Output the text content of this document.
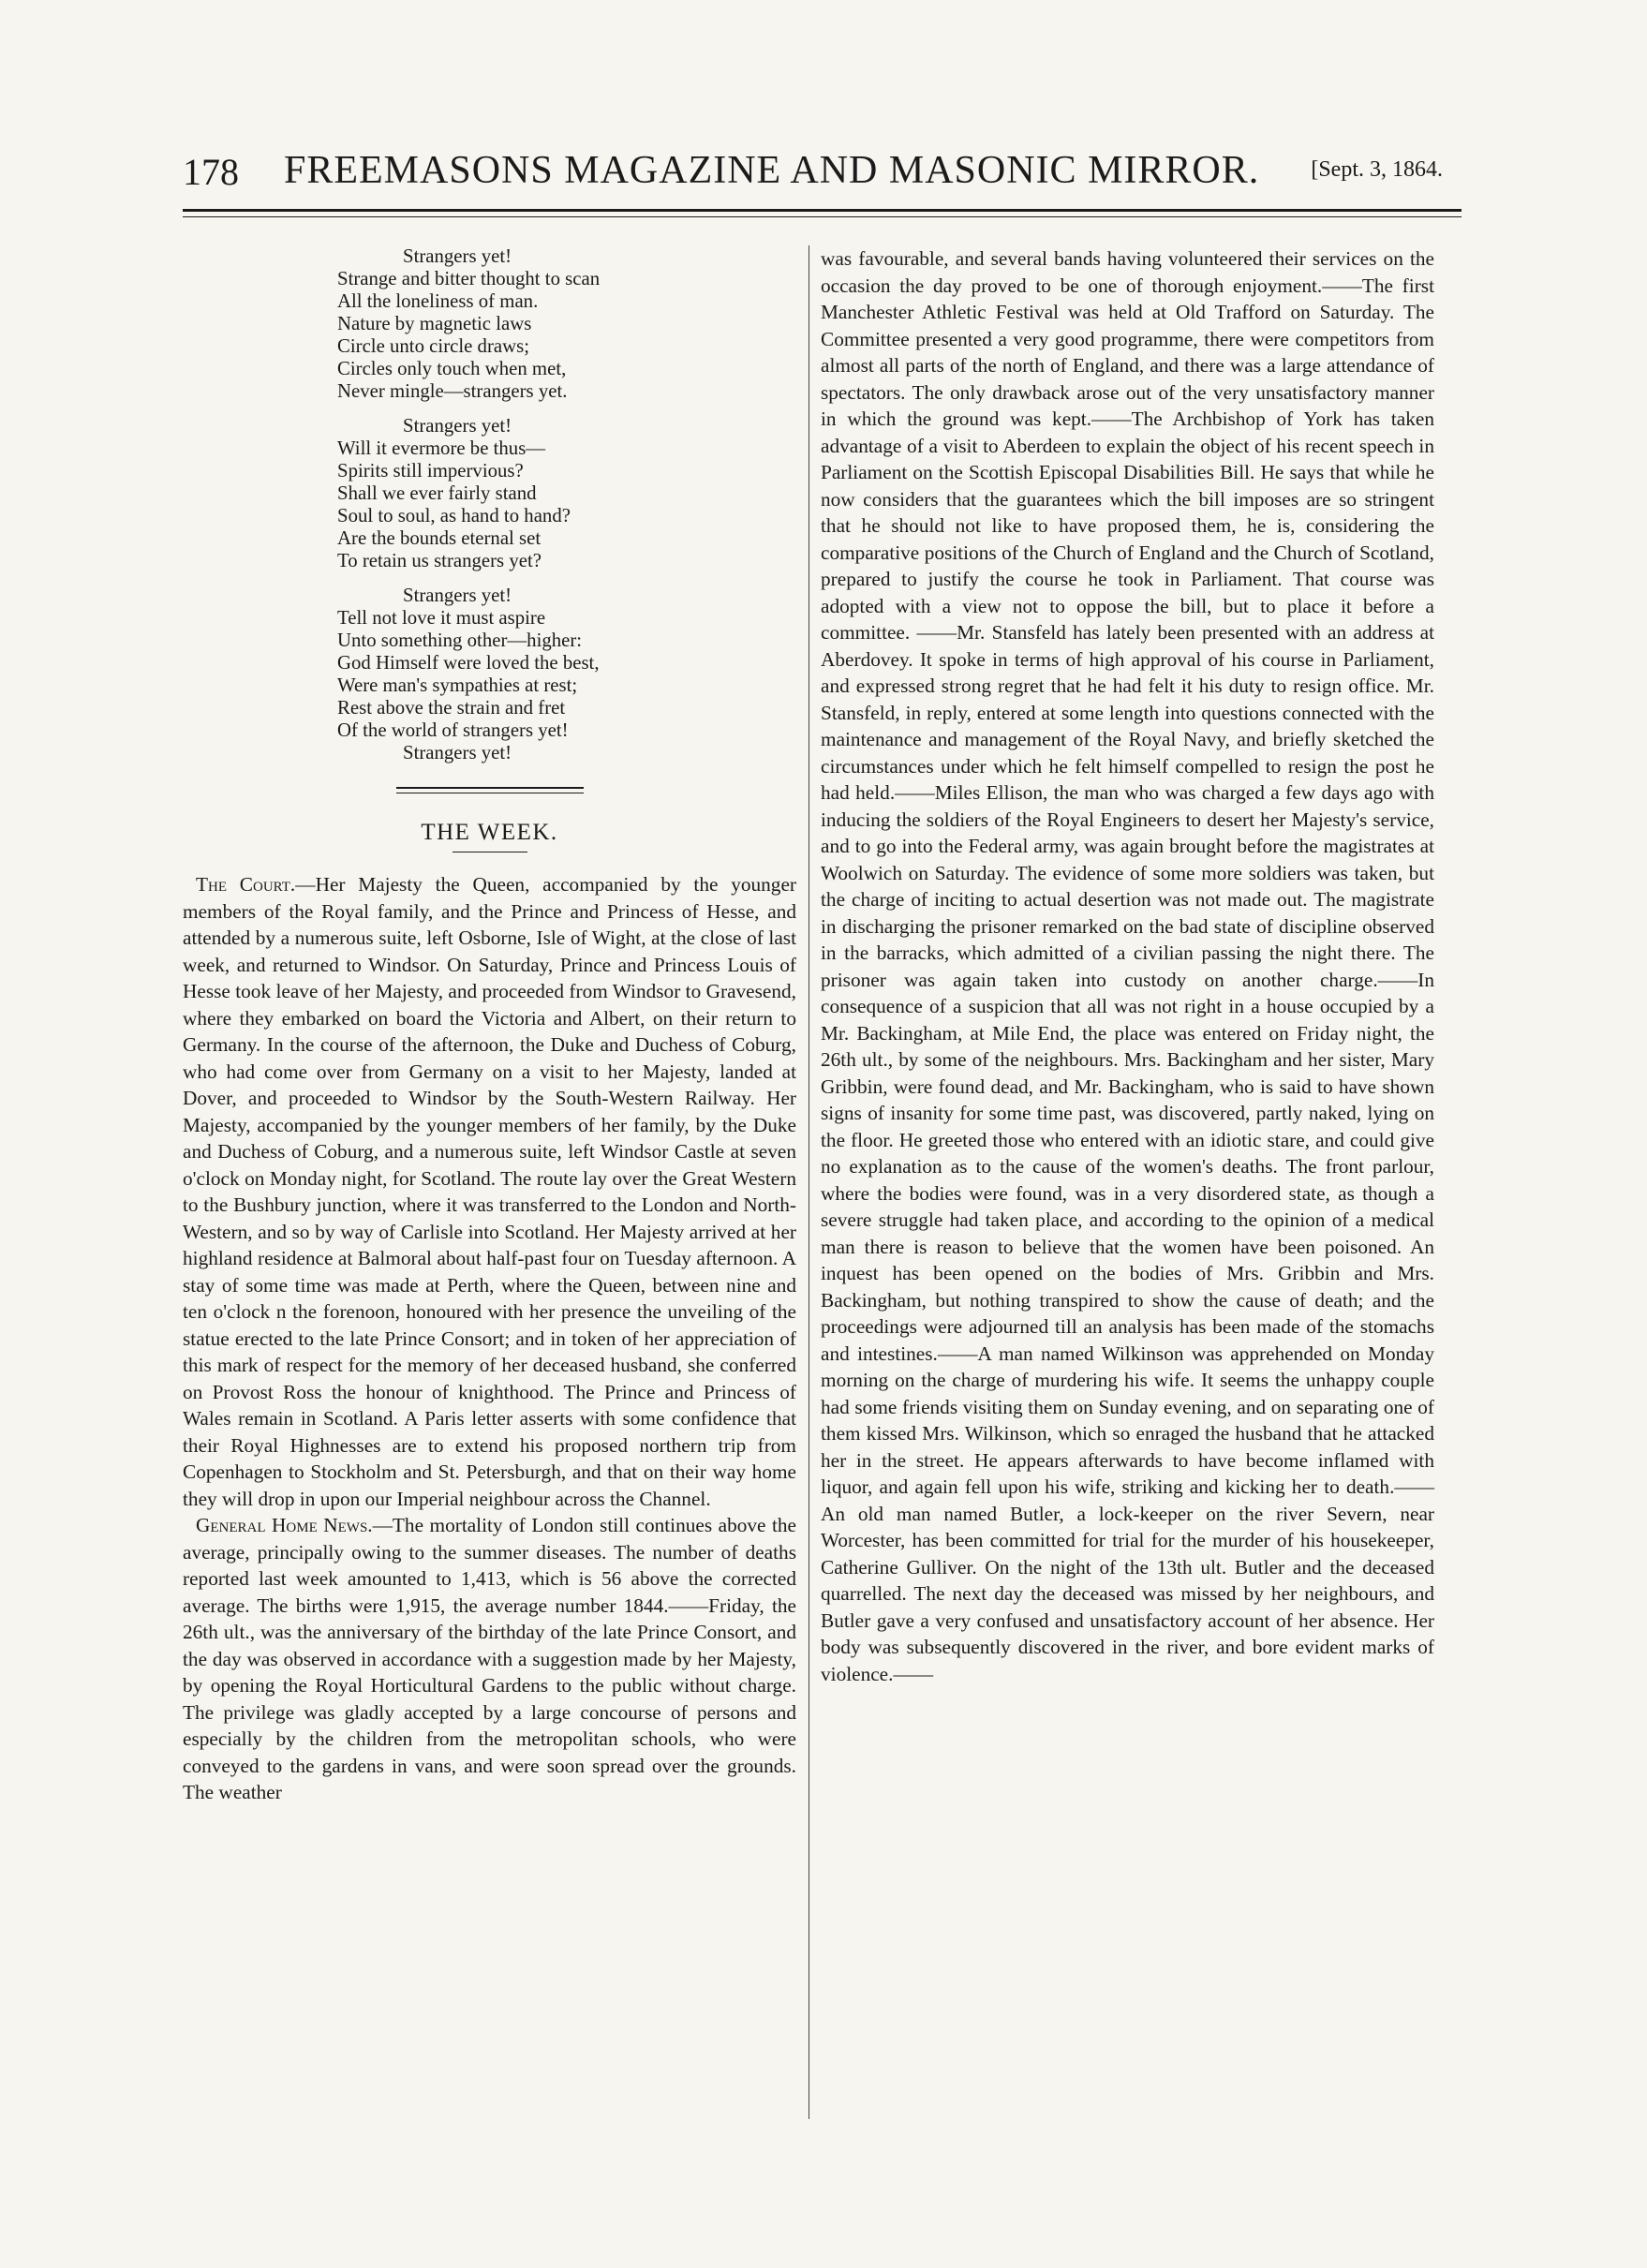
178 FREEMASONS MAGAZINE AND MASONIC MIRROR. [Sept. 3, 1864.
Strangers yet!
Strange and bitter thought to scan
All the loneliness of man.
Nature by magnetic laws
Circle unto circle draws;
Circles only touch when met,
Never mingle—strangers yet.
Strangers yet!
Will it evermore be thus—
Spirits still impervious?
Shall we ever fairly stand
Soul to soul, as hand to hand?
Are the bounds eternal set
To retain us strangers yet?
Strangers yet!
Tell not love it must aspire
Unto something other—higher:
God Himself were loved the best,
Were man's sympathies at rest;
Rest above the strain and fret
Of the world of strangers yet!
Strangers yet!
THE WEEK.

The Court.—Her Majesty the Queen, accompanied by the younger members of the Royal family, and the Prince and Princess of Hesse, and attended by a numerous suite, left Osborne, Isle of Wight, at the close of last week, and returned to Windsor. On Saturday, Prince and Princess Louis of Hesse took leave of her Majesty, and proceeded from Windsor to Gravesend, where they embarked on board the Victoria and Albert, on their return to Germany. In the course of the afternoon, the Duke and Duchess of Coburg, who had come over from Germany on a visit to her Majesty, landed at Dover, and proceeded to Windsor by the South-Western Railway. Her Majesty, accompanied by the younger members of her family, by the Duke and Duchess of Coburg, and a numerous suite, left Windsor Castle at seven o'clock on Monday night, for Scotland. The route lay over the Great Western to the Bushbury junction, where it was transferred to the London and North-Western, and so by way of Carlisle into Scotland. Her Majesty arrived at her highland residence at Balmoral about half-past four on Tuesday afternoon. A stay of some time was made at Perth, where the Queen, between nine and ten o'clock n the forenoon, honoured with her presence the unveiling of the statue erected to the late Prince Consort; and in token of her appreciation of this mark of respect for the memory of her deceased husband, she conferred on Provost Ross the honour of knighthood. The Prince and Princess of Wales remain in Scotland. A Paris letter asserts with some confidence that their Royal Highnesses are to extend his proposed northern trip from Copenhagen to Stockholm and St. Petersburgh, and that on their way home they will drop in upon our Imperial neighbour across the Channel.

General Home News.—The mortality of London still continues above the average, principally owing to the summer diseases. The number of deaths reported last week amounted to 1,413, which is 56 above the corrected average. The births were 1,915, the average number 1844.——Friday, the 26th ult., was the anniversary of the birthday of the late Prince Consort, and the day was observed in accordance with a suggestion made by her Majesty, by opening the Royal Horticultural Gardens to the public without charge. The privilege was gladly accepted by a large concourse of persons and especially by the children from the metropolitan schools, who were conveyed to the gardens in vans, and were soon spread over the grounds. The weather

was favourable, and several bands having volunteered their services on the occasion the day proved to be one of thorough enjoyment.——The first Manchester Athletic Festival was held at Old Trafford on Saturday. The Committee presented a very good programme, there were competitors from almost all parts of the north of England, and there was a large attendance of spectators. The only drawback arose out of the very unsatisfactory manner in which the ground was kept.——The Archbishop of York has taken advantage of a visit to Aberdeen to explain the object of his recent speech in Parliament on the Scottish Episcopal Disabilities Bill. He says that while he now considers that the guarantees which the bill imposes are so stringent that he should not like to have proposed them, he is, considering the comparative positions of the Church of England and the Church of Scotland, prepared to justify the course he took in Parliament. That course was adopted with a view not to oppose the bill, but to place it before a committee. ——Mr. Stansfeld has lately been presented with an address at Aberdovey. It spoke in terms of high approval of his course in Parliament, and expressed strong regret that he had felt it his duty to resign office. Mr. Stansfeld, in reply, entered at some length into questions connected with the maintenance and management of the Royal Navy, and briefly sketched the circumstances under which he felt himself compelled to resign the post he had held.——Miles Ellison, the man who was charged a few days ago with inducing the soldiers of the Royal Engineers to desert her Majesty's service, and to go into the Federal army, was again brought before the magistrates at Woolwich on Saturday. The evidence of some more soldiers was taken, but the charge of inciting to actual desertion was not made out. The magistrate in discharging the prisoner remarked on the bad state of discipline observed in the barracks, which admitted of a civilian passing the night there. The prisoner was again taken into custody on another charge.——In consequence of a suspicion that all was not right in a house occupied by a Mr. Backingham, at Mile End, the place was entered on Friday night, the 26th ult., by some of the neighbours. Mrs. Backingham and her sister, Mary Gribbin, were found dead, and Mr. Backingham, who is said to have shown signs of insanity for some time past, was discovered, partly naked, lying on the floor. He greeted those who entered with an idiotic stare, and could give no explanation as to the cause of the women's deaths. The front parlour, where the bodies were found, was in a very disordered state, as though a severe struggle had taken place, and according to the opinion of a medical man there is reason to believe that the women have been poisoned. An inquest has been opened on the bodies of Mrs. Gribbin and Mrs. Backingham, but nothing transpired to show the cause of death; and the proceedings were adjourned till an analysis has been made of the stomachs and intestines.——A man named Wilkinson was apprehended on Monday morning on the charge of murdering his wife. It seems the unhappy couple had some friends visiting them on Sunday evening, and on separating one of them kissed Mrs. Wilkinson, which so enraged the husband that he attacked her in the street. He appears afterwards to have become inflamed with liquor, and again fell upon his wife, striking and kicking her to death.——An old man named Butler, a lock-keeper on the river Severn, near Worcester, has been committed for trial for the murder of his housekeeper, Catherine Gulliver. On the night of the 13th ult. Butler and the deceased quarrelled. The next day the deceased was missed by her neighbours, and Butler gave a very confused and unsatisfactory account of her absence. Her body was subsequently discovered in the river, and bore evident marks of violence.——
